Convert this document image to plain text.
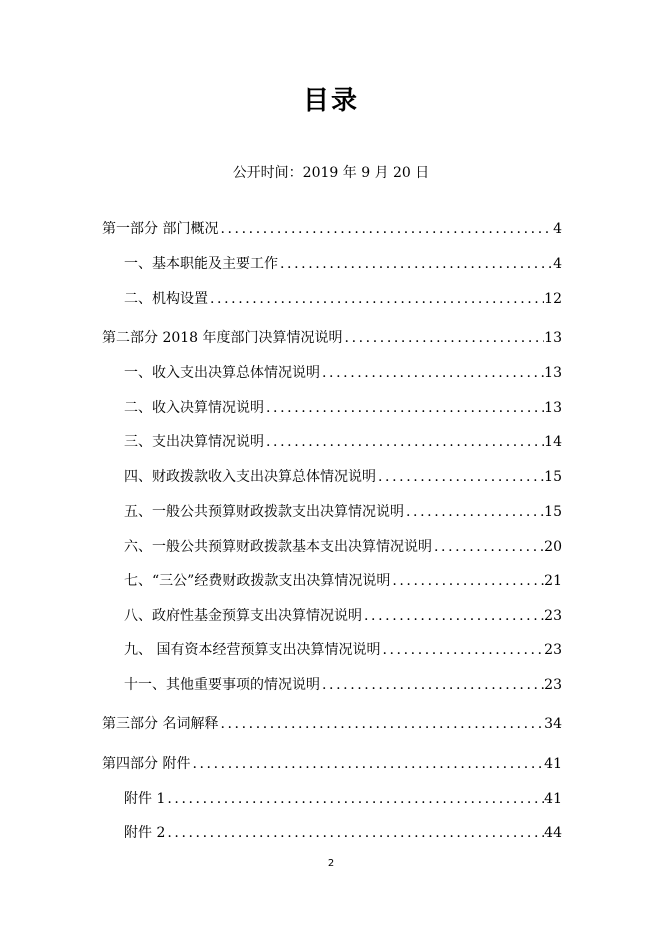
目录
公开时间：2019 年 9 月 20 日
第一部分 部门概况 .....	4
一、基本职能及主要工作 .....	4
二、机构设置 .....	12
第二部分 2018 年度部门决算情况说明 .....	13
一、收入支出决算总体情况说明 .....	13
二、收入决算情况说明 .....	13
三、支出决算情况说明 .....	14
四、财政拨款收入支出决算总体情况说明 .....	15
五、一般公共预算财政拨款支出决算情况说明 .....	15
六、一般公共预算财政拨款基本支出决算情况说明 .....	20
七、“三公”经费财政拨款支出决算情况说明 .....	21
八、政府性基金预算支出决算情况说明 .....	23
九、 国有资本经营预算支出决算情况说明 .....	23
十一、其他重要事项的情况说明 .....	23
第三部分 名词解释 .....	34
第四部分 附件 .....	41
附件 1 .....	41
附件 2 .....	44
2
